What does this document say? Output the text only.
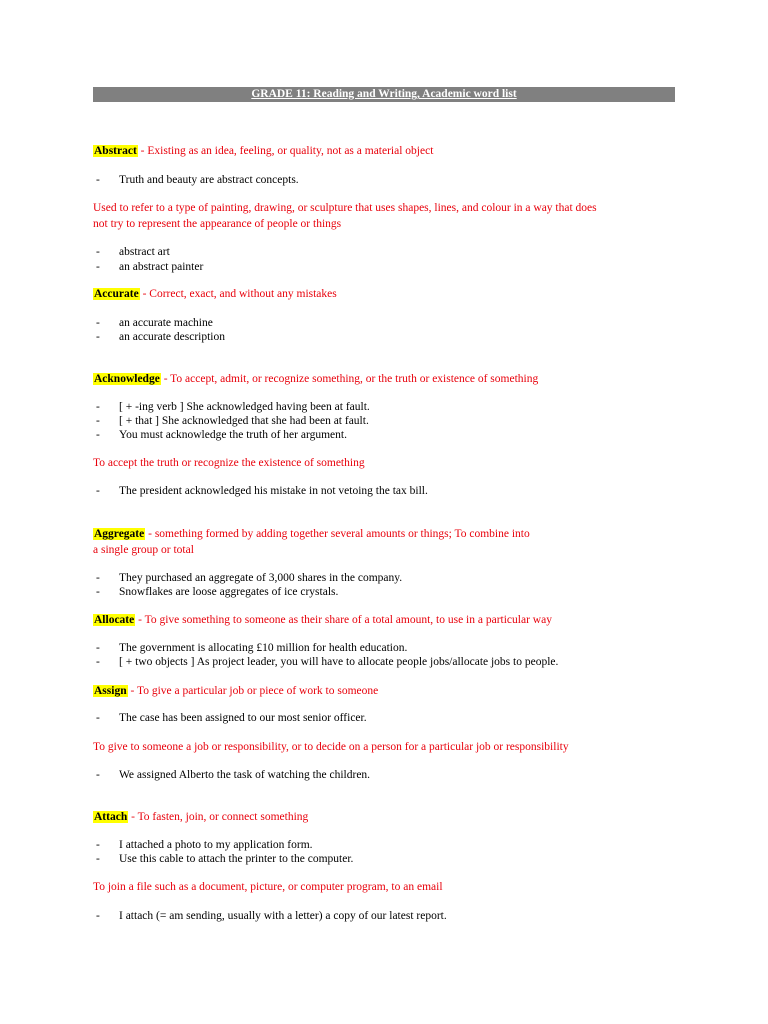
GRADE 11: Reading and Writing, Academic word list
Abstract - Existing as an idea, feeling, or quality, not as a material object
- Truth and beauty are abstract concepts.
Used to refer to a type of painting, drawing, or sculpture that uses shapes, lines, and colour in a way that does
not try to represent the appearance of people or things
- abstract art
- an abstract painter
Accurate - Correct, exact, and without any mistakes
- an accurate machine
- an accurate description
Acknowledge - To accept, admit, or recognize something, or the truth or existence of something
- [ + -ing verb ] She acknowledged having been at fault.
- [ + that ] She acknowledged that she had been at fault.
- You must acknowledge the truth of her argument.
To accept the truth or recognize the existence of something
- The president acknowledged his mistake in not vetoing the tax bill.
Aggregate - something formed by adding together several amounts or things; To combine into
a single group or total
- They purchased an aggregate of 3,000 shares in the company.
- Snowflakes are loose aggregates of ice crystals.
Allocate - To give something to someone as their share of a total amount, to use in a particular way
- The government is allocating £10 million for health education.
- [ + two objects ] As project leader, you will have to allocate people jobs/allocate jobs to people.
Assign - To give a particular job or piece of work to someone
- The case has been assigned to our most senior officer.
To give to someone a job or responsibility, or to decide on a person for a particular job or responsibility
- We assigned Alberto the task of watching the children.
Attach - To fasten, join, or connect something
- I attached a photo to my application form.
- Use this cable to attach the printer to the computer.
To join a file such as a document, picture, or computer program, to an email
- I attach (= am sending, usually with a letter) a copy of our latest report.
